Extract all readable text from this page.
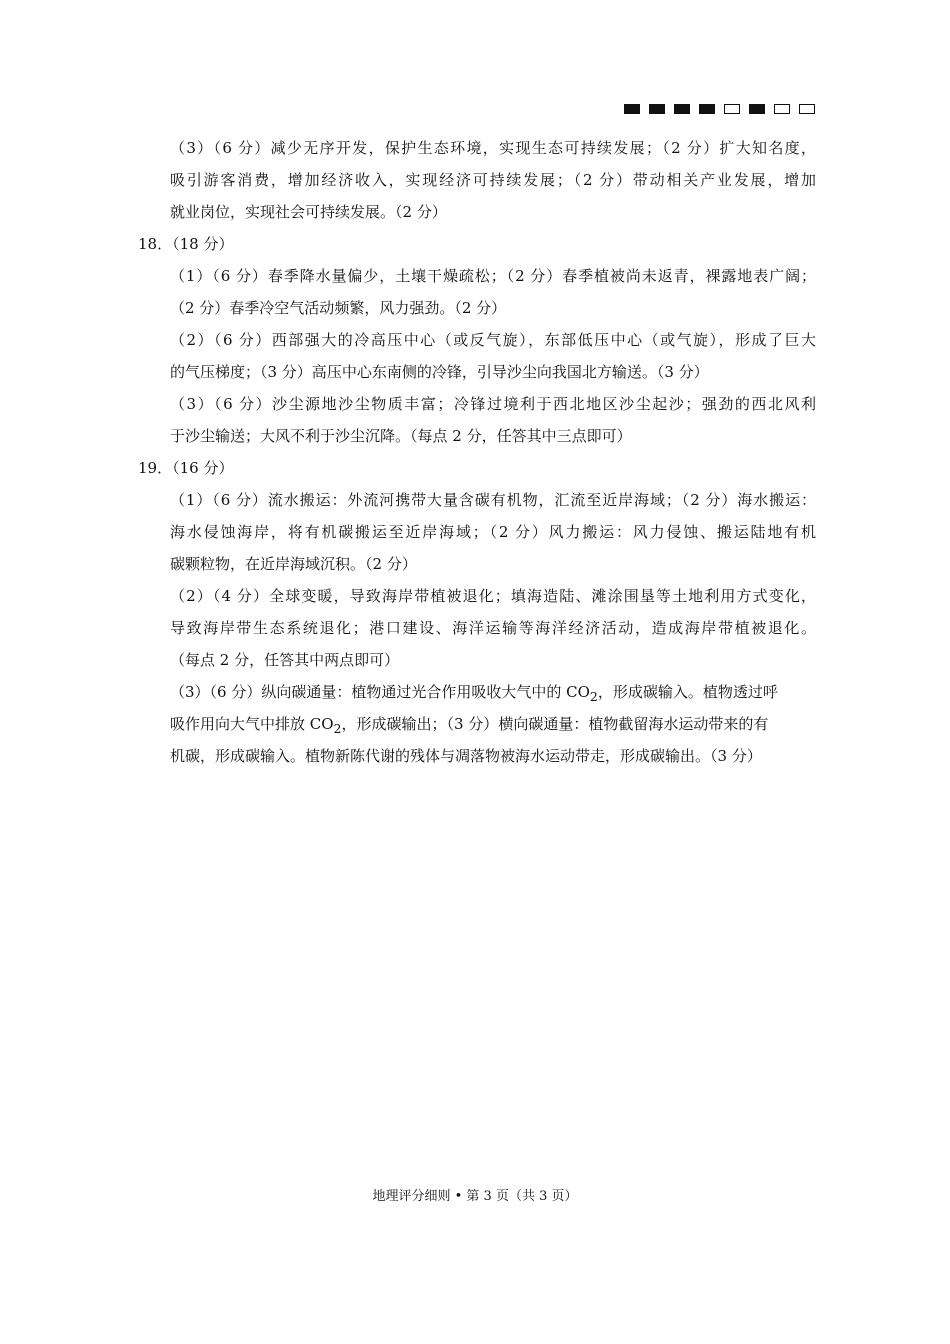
（3）（6 分）减少无序开发，保护生态环境，实现生态可持续发展；（2 分）扩大知名度，
吸引游客消费，增加经济收入，实现经济可持续发展；（2 分）带动相关产业发展，增加
就业岗位，实现社会可持续发展。（2 分）
18．（18 分）
（1）（6 分）春季降水量偏少，土壤干燥疏松；（2 分）春季植被尚未返青，裸露地表广阔；
（2 分）春季冷空气活动频繁，风力强劲。（2 分）
（2）（6 分）西部强大的冷高压中心（或反气旋），东部低压中心（或气旋），形成了巨大
的气压梯度；（3 分）高压中心东南侧的冷锋，引导沙尘向我国北方输送。（3 分）
（3）（6 分）沙尘源地沙尘物质丰富；冷锋过境利于西北地区沙尘起沙；强劲的西北风利
于沙尘输送；大风不利于沙尘沉降。（每点 2 分，任答其中三点即可）
19．（16 分）
（1）（6 分）流水搬运：外流河携带大量含碳有机物，汇流至近岸海域；（2 分）海水搬运：
海水侵蚀海岸，将有机碳搬运至近岸海域；（2 分）风力搬运：风力侵蚀、搬运陆地有机
碳颗粒物，在近岸海域沉积。（2 分）
（2）（4 分）全球变暖，导致海岸带植被退化；填海造陆、滩涂围垦等土地利用方式变化，
导致海岸带生态系统退化；港口建设、海洋运输等海洋经济活动，造成海岸带植被退化。
（每点 2 分，任答其中两点即可）
（3）（6 分）纵向碳通量：植物通过光合作用吸收大气中的 $CO_2$，形成碳输入。植物透过呼
吸作用向大气中排放 $CO_2$，形成碳输出；（3 分）横向碳通量：植物截留海水运动带来的有
机碳，形成碳输入。植物新陈代谢的残体与凋落物被海水运动带走，形成碳输出。（3 分）
地理评分细则 • 第 3 页（共 3 页）
